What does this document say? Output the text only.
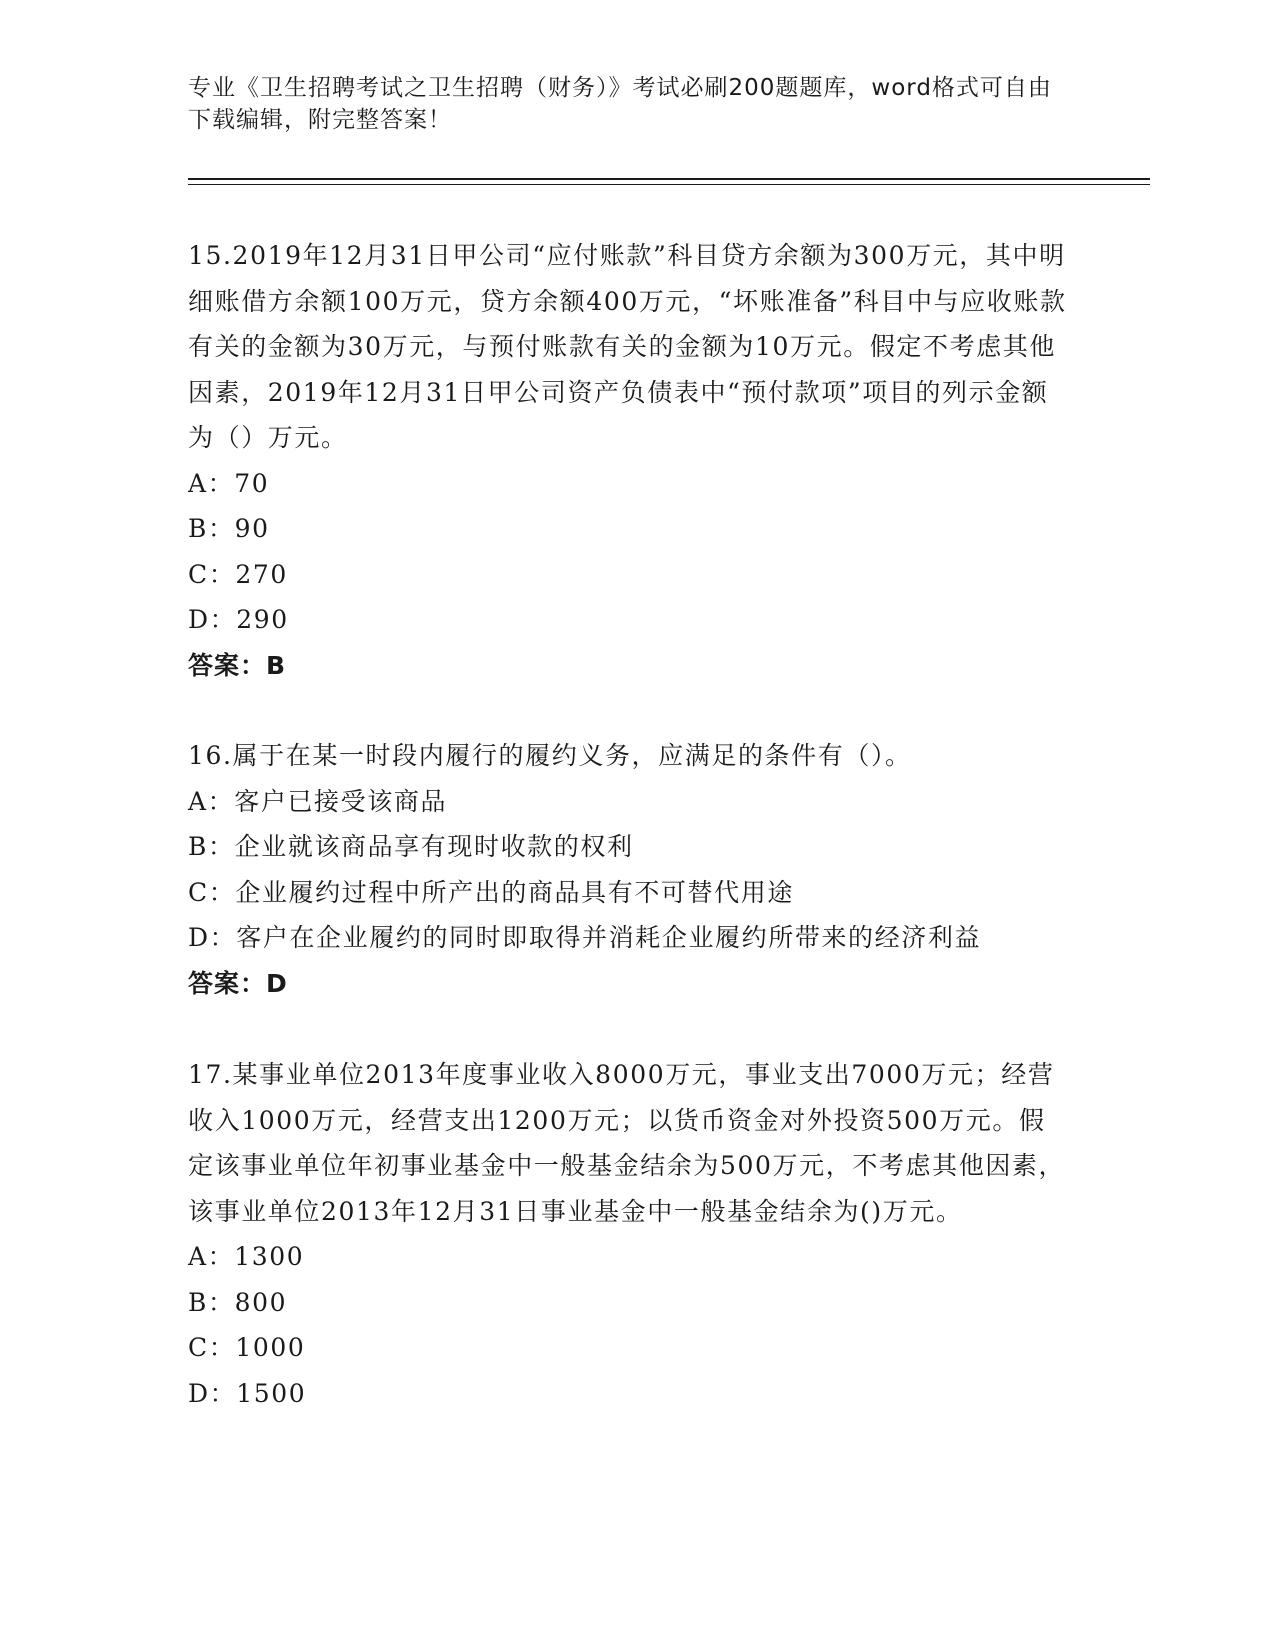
专业《卫生招聘考试之卫生招聘（财务）》考试必刷200题题库，word格式可自由下载编辑，附完整答案！

15.2019年12月31日甲公司“应付账款”科目贷方余额为300万元，其中明细账借方余额100万元，贷方余额400万元，“坏账准备”科目中与应收账款有关的金额为30万元，与预付账款有关的金额为10万元。假定不考虑其他因素，2019年12月31日甲公司资产负债表中“预付款项”项目的列示金额为（）万元。

A：70

B：90

C：270

D：290

答案：B

16.属于在某一时段内履行的履约义务，应满足的条件有（）。

A：客户已接受该商品

B：企业就该商品享有现时收款的权利

C：企业履约过程中所产出的商品具有不可替代用途

D：客户在企业履约的同时即取得并消耗企业履约所带来的经济利益

答案：D

17.某事业单位2013年度事业收入8000万元，事业支出7000万元；经营收入1000万元，经营支出1200万元；以货币资金对外投资500万元。假定该事业单位年初事业基金中一般基金结余为500万元，不考虑其他因素，该事业单位2013年12月31日事业基金中一般基金结余为()万元。

A：1300

B：800

C：1000

D：1500
